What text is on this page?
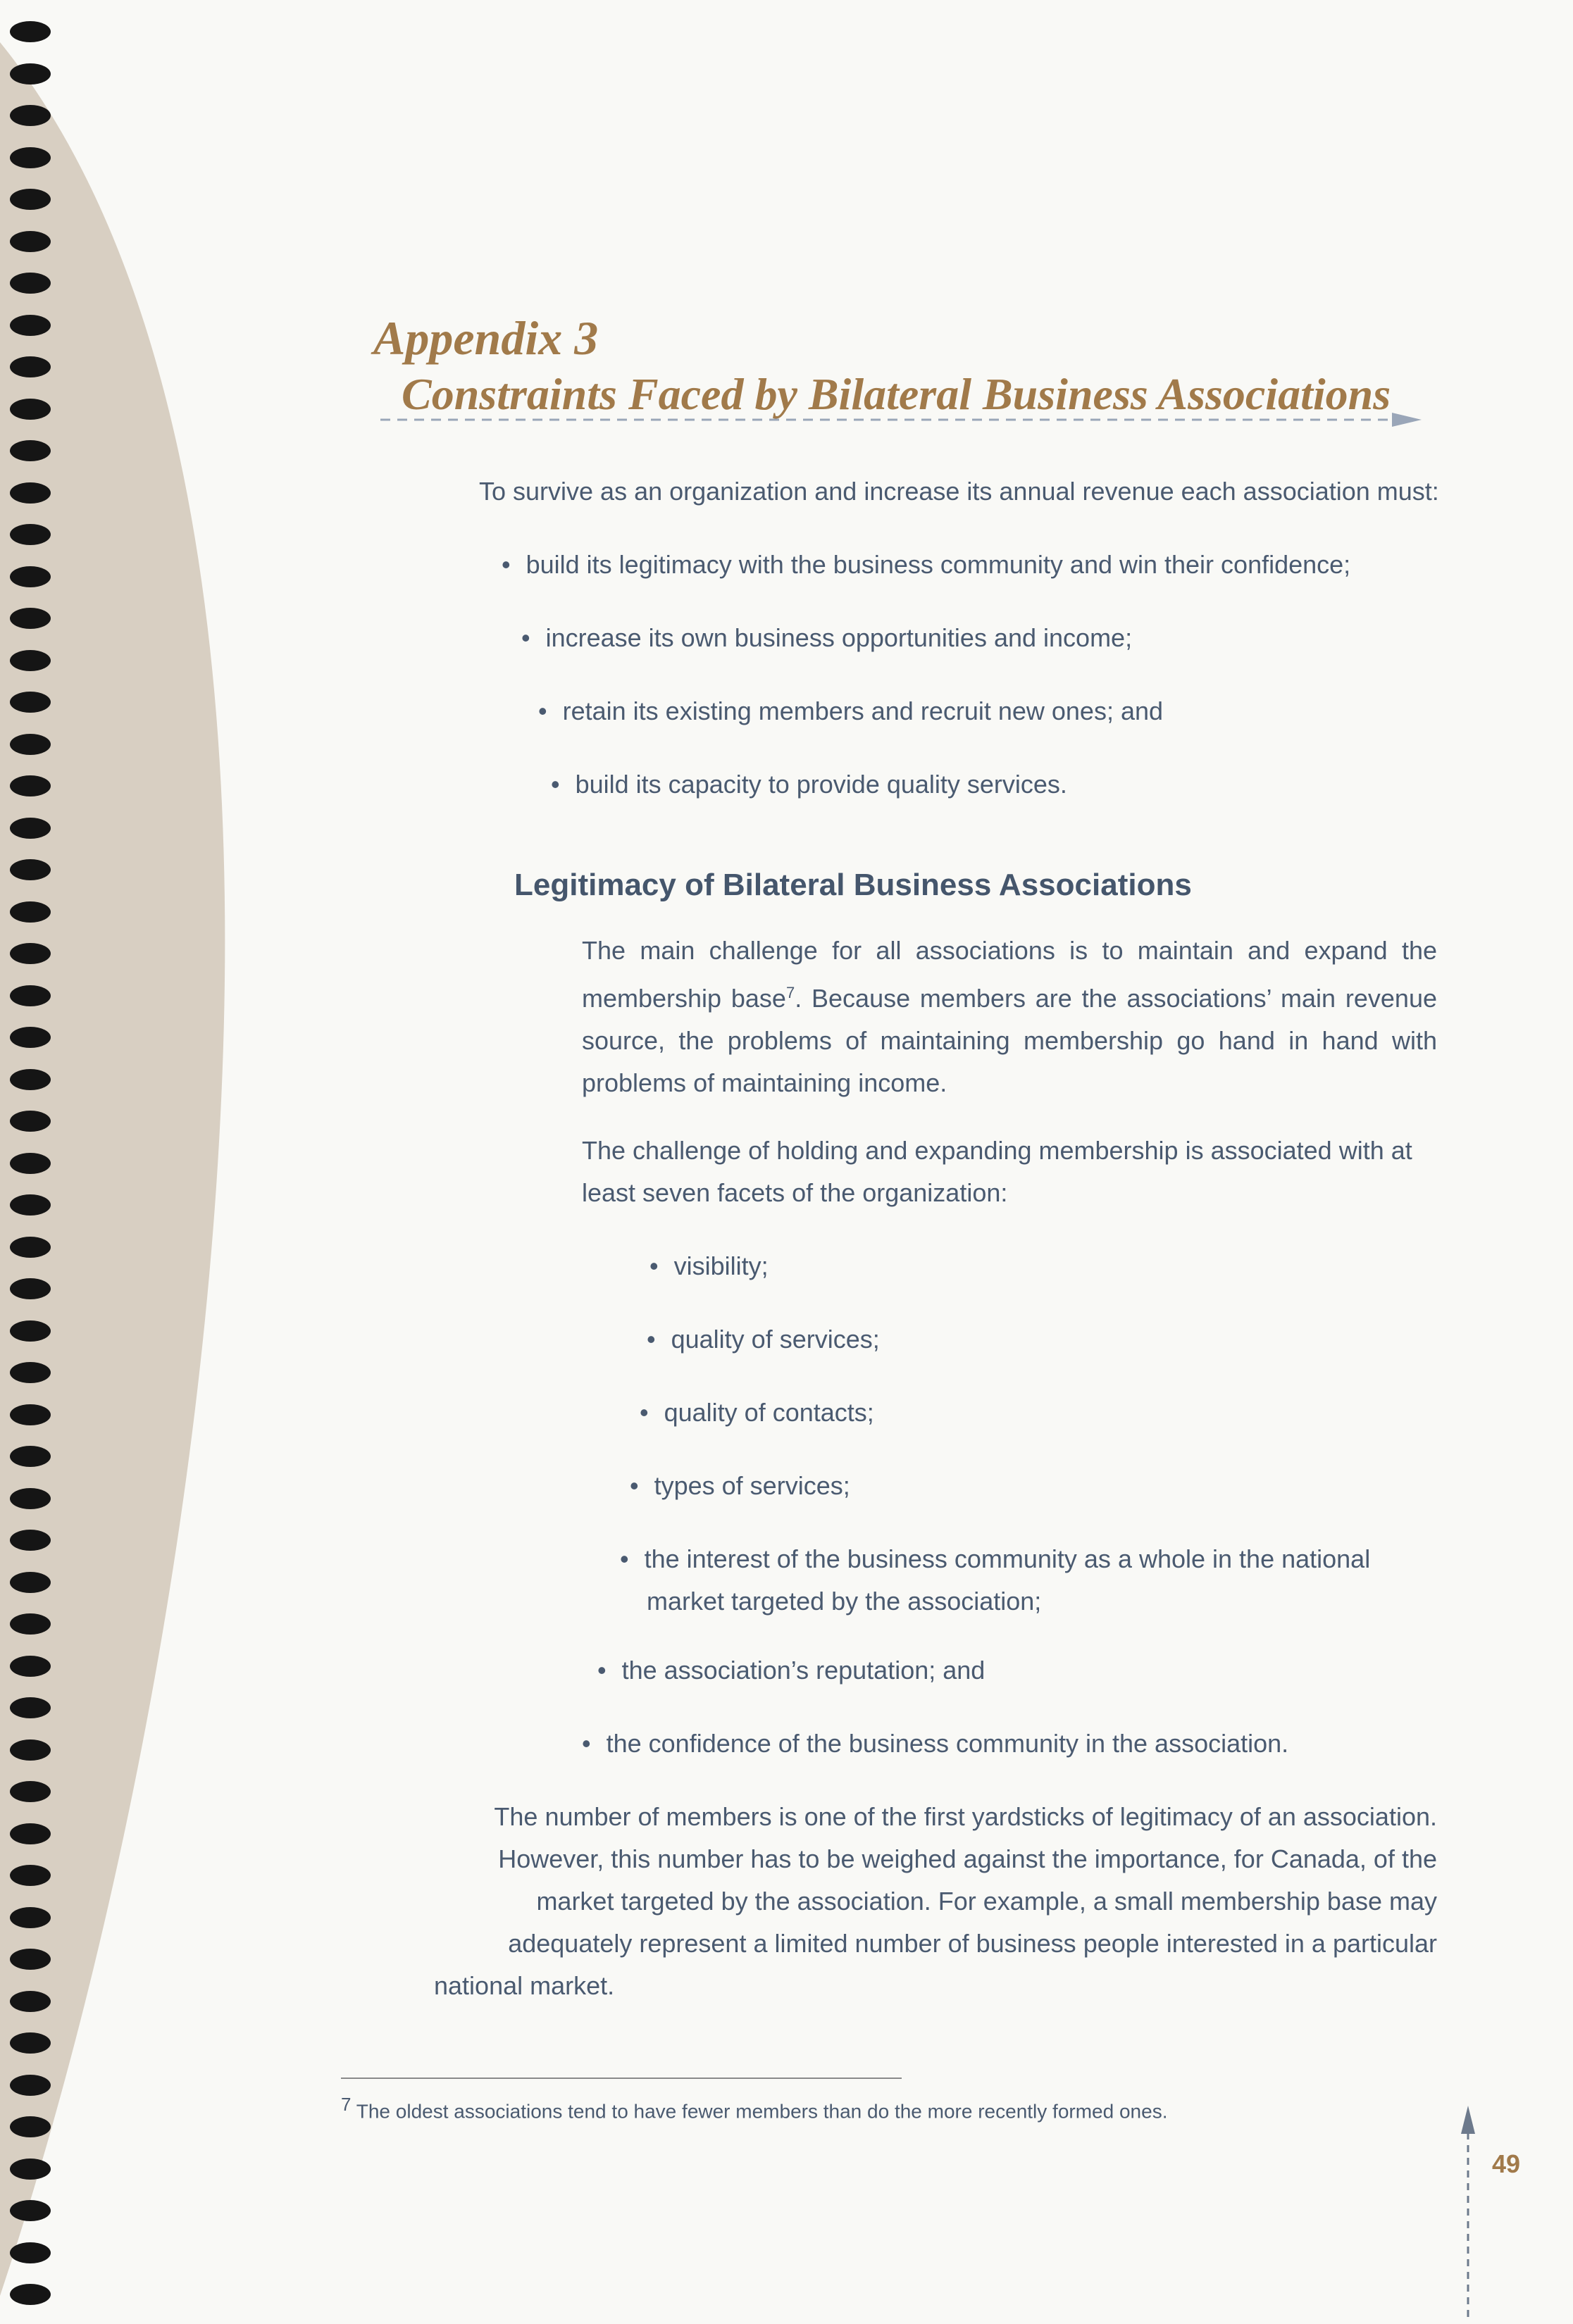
Appendix 3

Constraints Faced by Bilateral Business Associations

To survive as an organization and increase its annual revenue each association must:
• build its legitimacy with the business community and win their confidence;
• increase its own business opportunities and income;
• retain its existing members and recruit new ones; and
• build its capacity to provide quality services.
Legitimacy of Bilateral Business Associations
The main challenge for all associations is to maintain and expand the membership base$^7$. Because members are the associations’ main revenue source, the problems of maintaining membership go hand in hand with problems of maintaining income.
The challenge of holding and expanding membership is associated with at least seven facets of the organization:
• visibility;
• quality of services;
• quality of contacts;
• types of services;
• the interest of the business community as a whole in the national market targeted by the association;
• the association’s reputation; and
• the confidence of the business community in the association.
The number of members is one of the first yardsticks of legitimacy of an association.
However, this number has to be weighed against the importance, for Canada, of the
market targeted by the association. For example, a small membership base may
adequately represent a limited number of business people interested in a particular
national market.
$^7$ The oldest associations tend to have fewer members than do the more recently formed ones.
49
